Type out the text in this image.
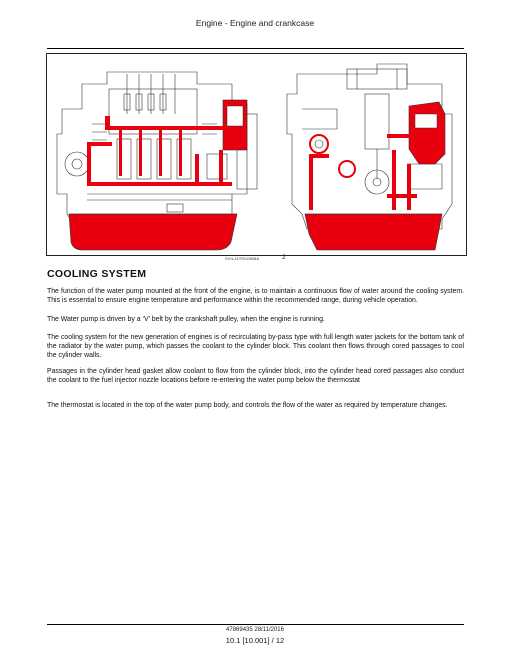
Engine - Engine and crankcase
SVIL14TR0235BA	2
COOLING SYSTEM

The function of the water pump mounted at the front of the engine, is to maintain a continuous flow of water around the cooling system. This is essential to ensure engine temperature and performance within the recommended range, during vehicle operation.

The Water pump is driven by a ‘V’ belt by the crankshaft pulley, when the engine is running.

The cooling system for the new generation of engines is of recirculating by-pass type with full length water jackets for the bottom tank of the radiator by the water pump, which passes the coolant to the cylinder block. This coolant then flows through cored passages to cool the cylinder walls.

Passages in the cylinder head gasket allow coolant to flow from the cylinder block, into the cylinder head cored passages also conduct the coolant to the fuel injector nozzle locations before re-entering the water pump below the thermostat

The thermostat is located in the top of the water pump body, and controls the flow of the water as required by temperature changes.

47869435 28/11/2016
10.1 [10.001] / 12
